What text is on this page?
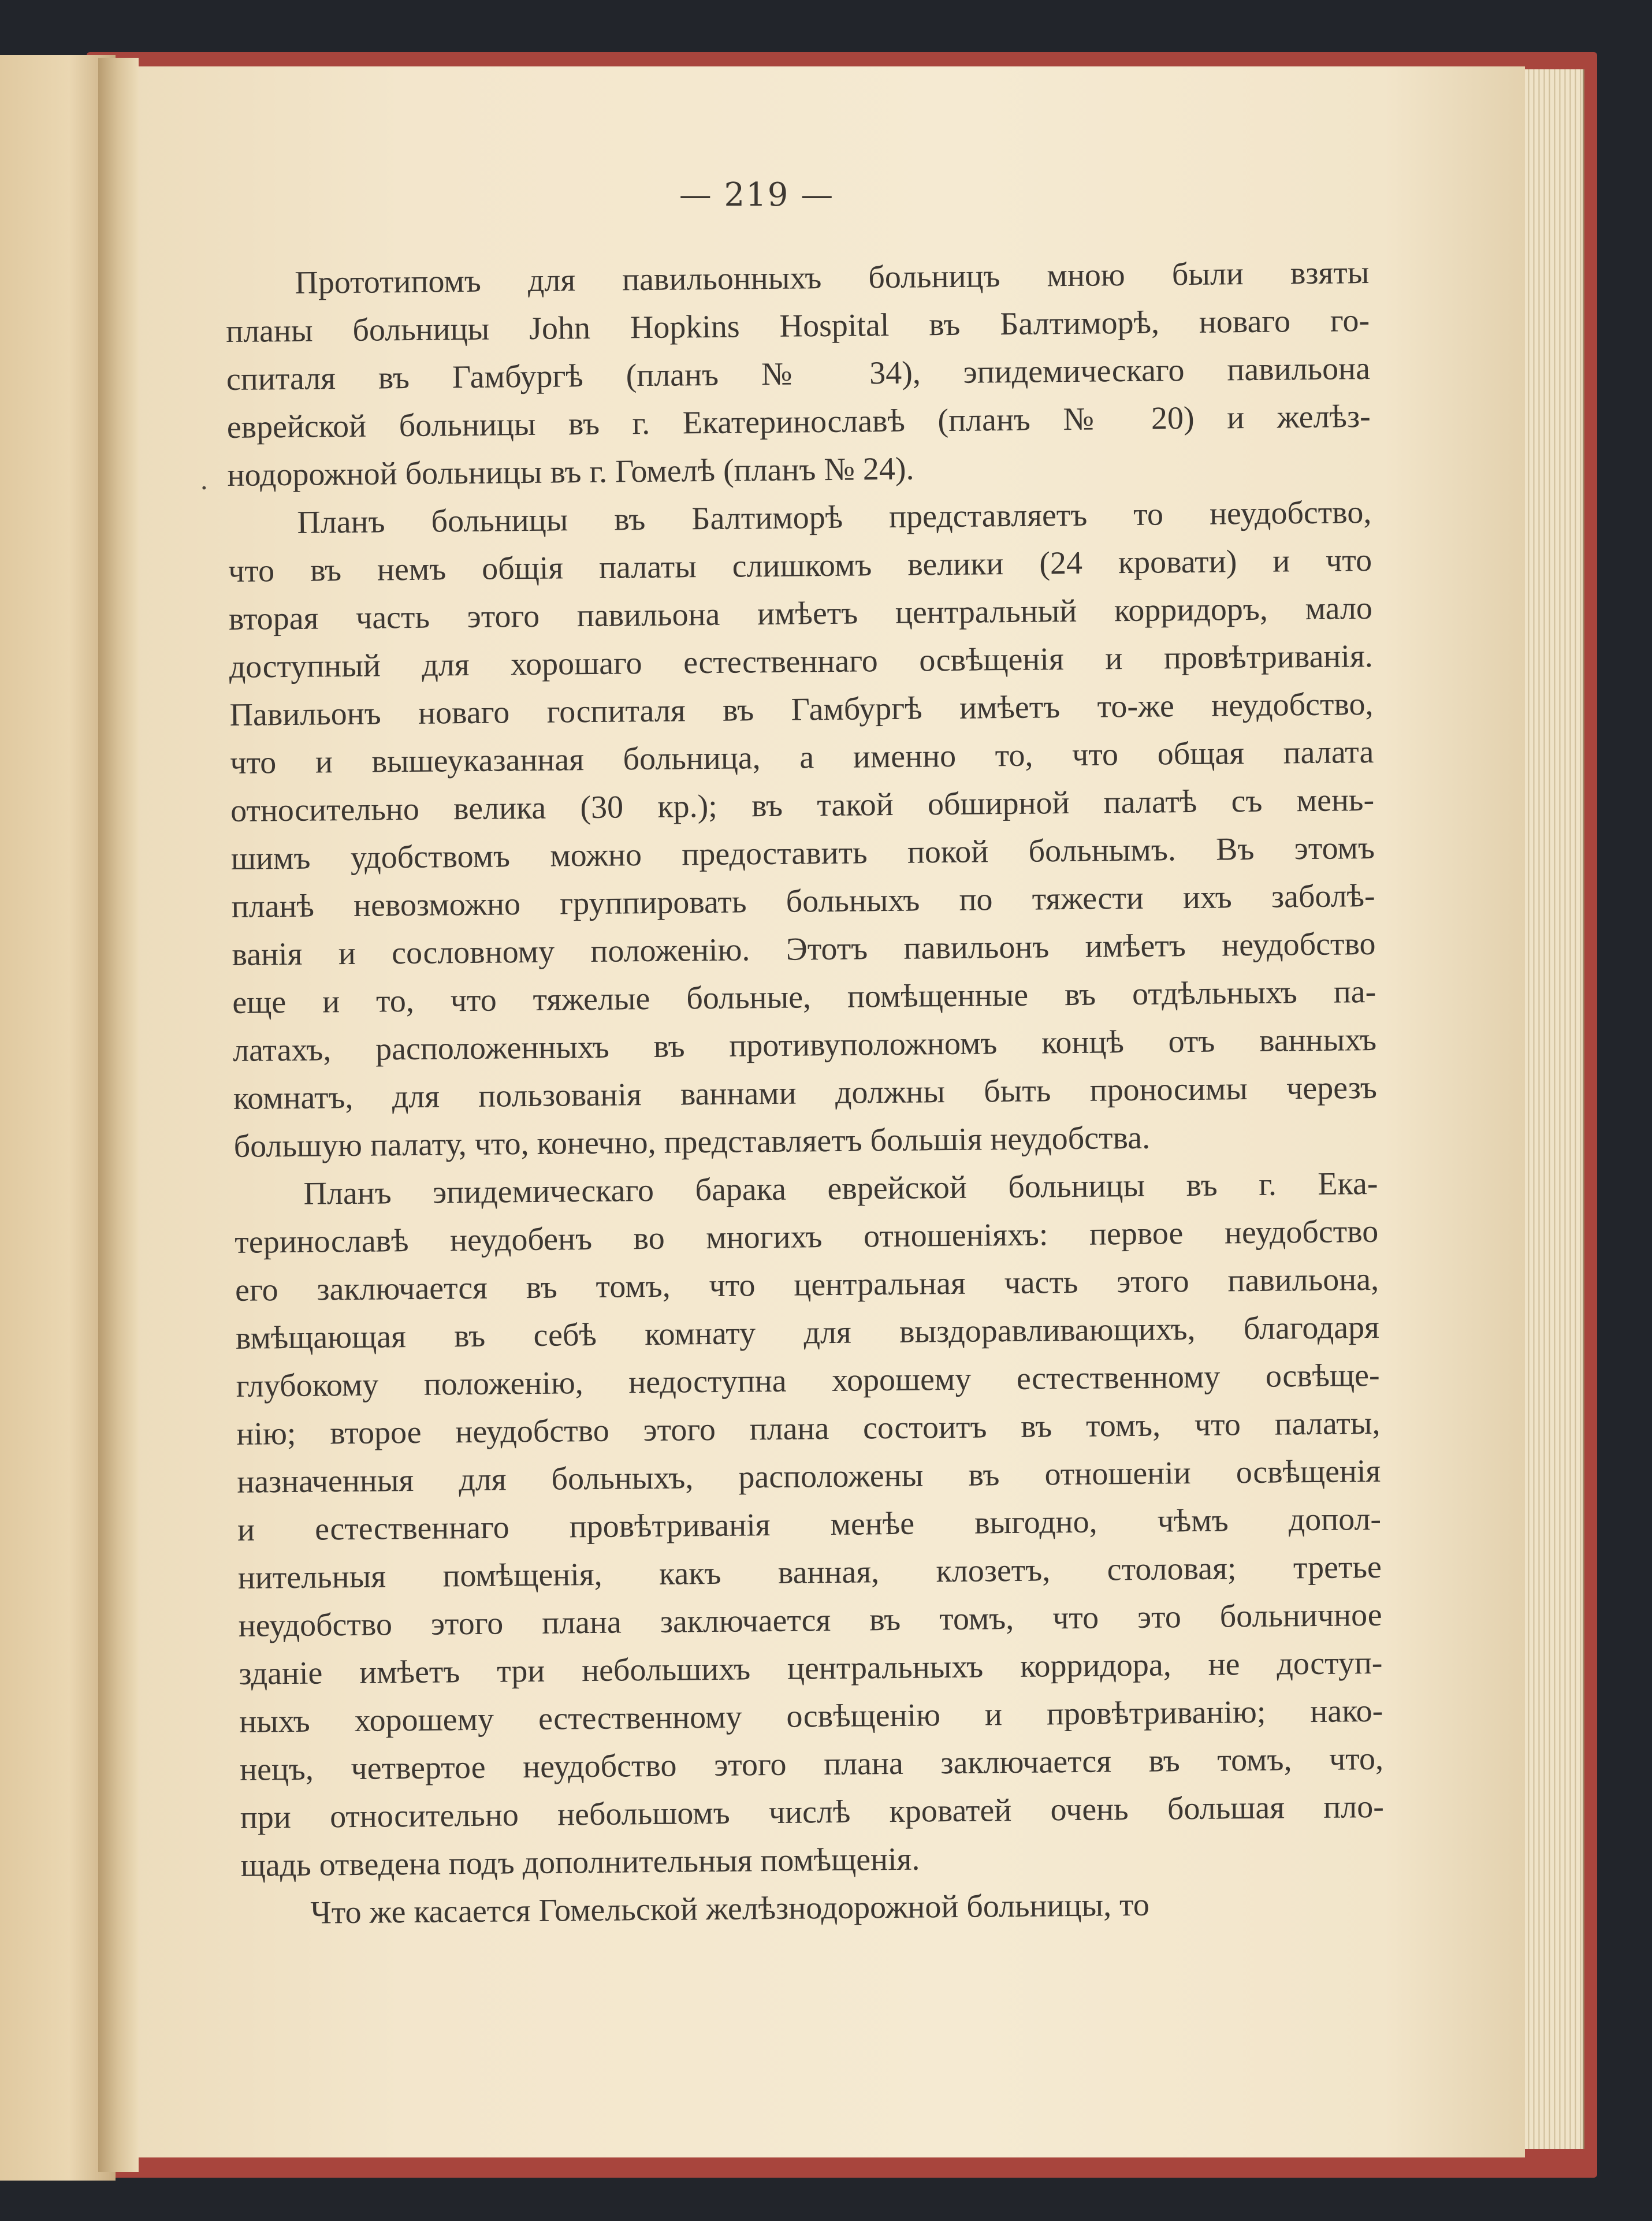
— 219 —
·
Прототипомъ для павильонныхъ больницъ мною были взяты
планы больницы John Hopkins Hospital въ Балтиморѣ, новаго го-
спиталя въ Гамбургѣ (планъ № 34), эпидемическаго павильона
еврейской больницы въ г. Екатеринославѣ (планъ № 20) и желѣз-
нодорожной больницы въ г. Гомелѣ (планъ № 24).
Планъ больницы въ Балтиморѣ представляетъ то неудобство,
что въ немъ общія палаты слишкомъ велики (24 кровати) и что
вторая часть этого павильона имѣетъ центральный корридоръ, мало
доступный для хорошаго естественнаго освѣщенія и провѣтриванія.
Павильонъ новаго госпиталя въ Гамбургѣ имѣетъ то-же неудобство,
что и вышеуказанная больница, а именно то, что общая палата
относительно велика (30 кр.); въ такой обширной палатѣ съ мень-
шимъ удобствомъ можно предоставить покой больнымъ. Въ этомъ
планѣ невозможно группировать больныхъ по тяжести ихъ заболѣ-
ванія и сословному положенію. Этотъ павильонъ имѣетъ неудобство
еще и то, что тяжелые больные, помѣщенные въ отдѣльныхъ па-
латахъ, расположенныхъ въ противуположномъ концѣ отъ ванныхъ
комнатъ, для пользованія ваннами должны быть проносимы черезъ
большую палату, что, конечно, представляетъ большія неудобства.
Планъ эпидемическаго барака еврейской больницы въ г. Ека-
теринославѣ неудобенъ во многихъ отношеніяхъ: первое неудобство
его заключается въ томъ, что центральная часть этого павильона,
вмѣщающая въ себѣ комнату для выздоравливающихъ, благодаря
глубокому положенію, недоступна хорошему естественному освѣще-
нію; второе неудобство этого плана состоитъ въ томъ, что палаты,
назначенныя для больныхъ, расположены въ отношеніи освѣщенія
и естественнаго провѣтриванія менѣе выгодно, чѣмъ допол-
нительныя помѣщенія, какъ ванная, клозетъ, столовая; третье
неудобство этого плана заключается въ томъ, что это больничное
зданіе имѣетъ три небольшихъ центральныхъ корридора, не доступ-
ныхъ хорошему естественному освѣщенію и провѣтриванію; нако-
нецъ, четвертое неудобство этого плана заключается въ томъ, что,
при относительно небольшомъ числѣ кроватей очень большая пло-
щадь отведена подъ дополнительныя помѣщенія.
Что же касается Гомельской желѣзнодорожной больницы, то
